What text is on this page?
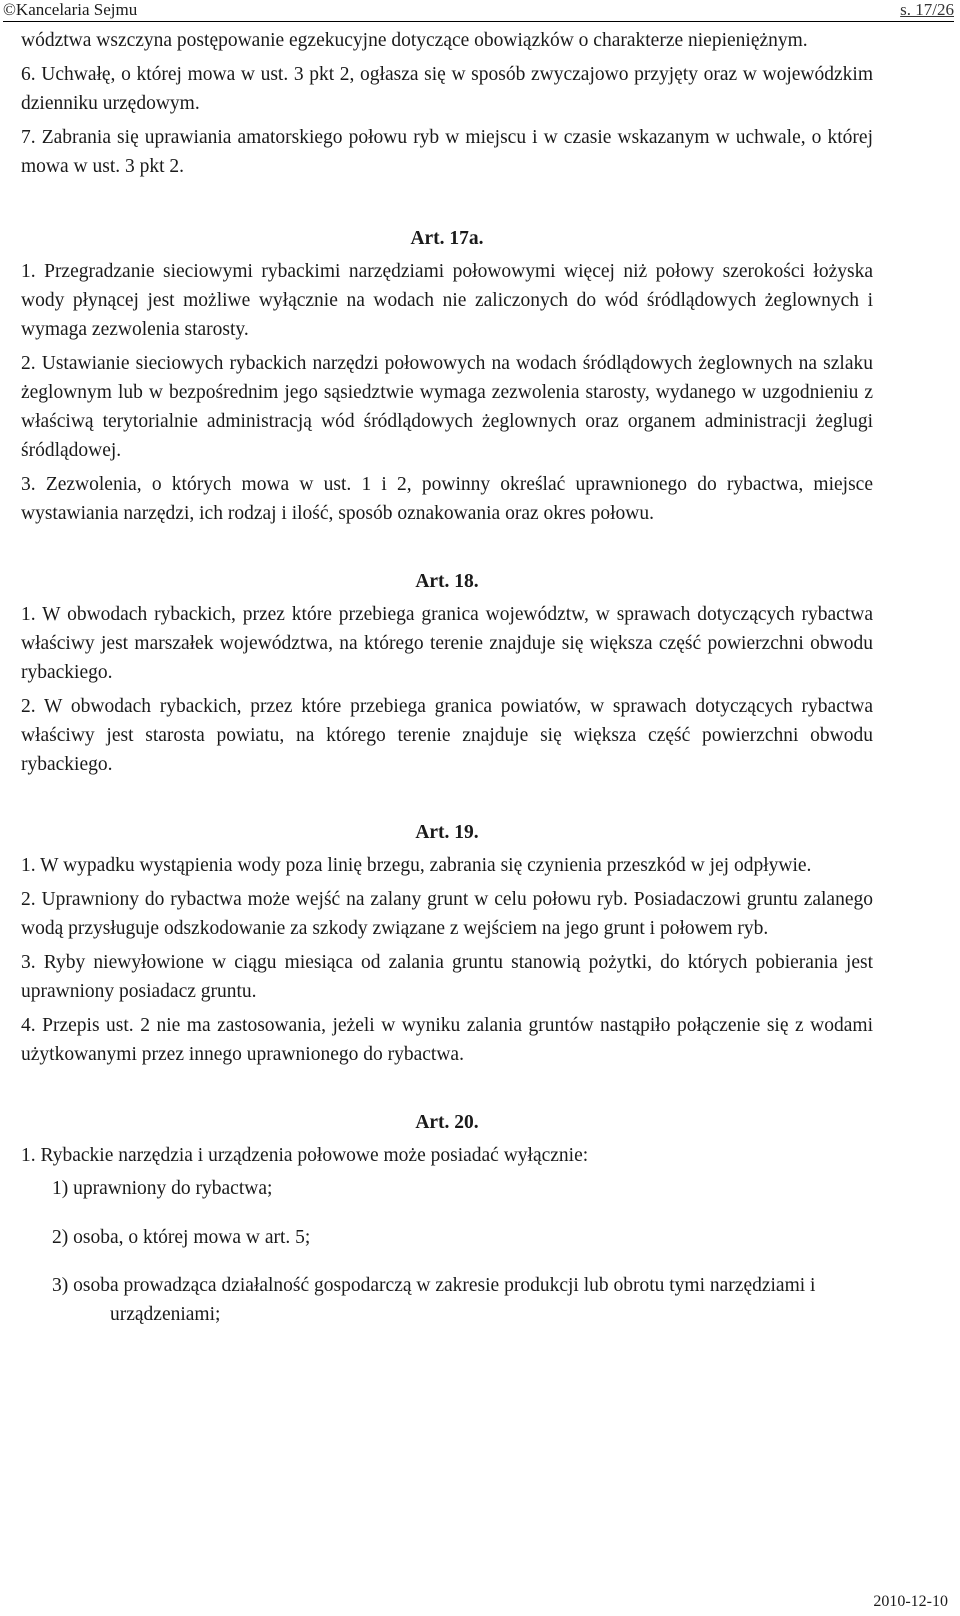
©Kancelaria Sejmu	s. 17/26

wództwa wszczyna postępowanie egzekucyjne dotyczące obowiązków o charakterze niepieniężnym.

6. Uchwałę, o której mowa w ust. 3 pkt 2, ogłasza się w sposób zwyczajowo przyjęty oraz w wojewódzkim dzienniku urzędowym.

7. Zabrania się uprawiania amatorskiego połowu ryb w miejscu i w czasie wskazanym w uchwale, o której mowa w ust. 3 pkt 2.

Art. 17a.

1. Przegradzanie sieciowymi rybackimi narzędziami połowowymi więcej niż połowy szerokości łożyska wody płynącej jest możliwe wyłącznie na wodach nie zaliczonych do wód śródlądowych żeglownych i wymaga zezwolenia starosty.

2. Ustawianie sieciowych rybackich narzędzi połowowych na wodach śródlądowych żeglownych na szlaku żeglownym lub w bezpośrednim jego sąsiedztwie wymaga zezwolenia starosty, wydanego w uzgodnieniu z właściwą terytorialnie administracją wód śródlądowych żeglownych oraz organem administracji żeglugi śródlądowej.

3. Zezwolenia, o których mowa w ust. 1 i 2, powinny określać uprawnionego do rybactwa, miejsce wystawiania narzędzi, ich rodzaj i ilość, sposób oznakowania oraz okres połowu.

Art. 18.

1. W obwodach rybackich, przez które przebiega granica województw, w sprawach dotyczących rybactwa właściwy jest marszałek województwa, na którego terenie znajduje się większa część powierzchni obwodu rybackiego.

2. W obwodach rybackich, przez które przebiega granica powiatów, w sprawach dotyczących rybactwa właściwy jest starosta powiatu, na którego terenie znajduje się większa część powierzchni obwodu rybackiego.

Art. 19.

1. W wypadku wystąpienia wody poza linię brzegu, zabrania się czynienia przeszkód w jej odpływie.

2. Uprawniony do rybactwa może wejść na zalany grunt w celu połowu ryb. Posiadaczowi gruntu zalanego wodą przysługuje odszkodowanie za szkody związane z wejściem na jego grunt i połowem ryb.

3. Ryby niewyłowione w ciągu miesiąca od zalania gruntu stanowią pożytki, do których pobierania jest uprawniony posiadacz gruntu.

4. Przepis ust. 2 nie ma zastosowania, jeżeli w wyniku zalania gruntów nastąpiło połączenie się z wodami użytkowanymi przez innego uprawnionego do rybactwa.

Art. 20.

1. Rybackie narzędzia i urządzenia połowowe może posiadać wyłącznie:

1) uprawniony do rybactwa;

2) osoba, o której mowa w art. 5;

3) osoba prowadząca działalność gospodarczą w zakresie produkcji lub obrotu tymi narzędziami i urządzeniami;

2010-12-10
